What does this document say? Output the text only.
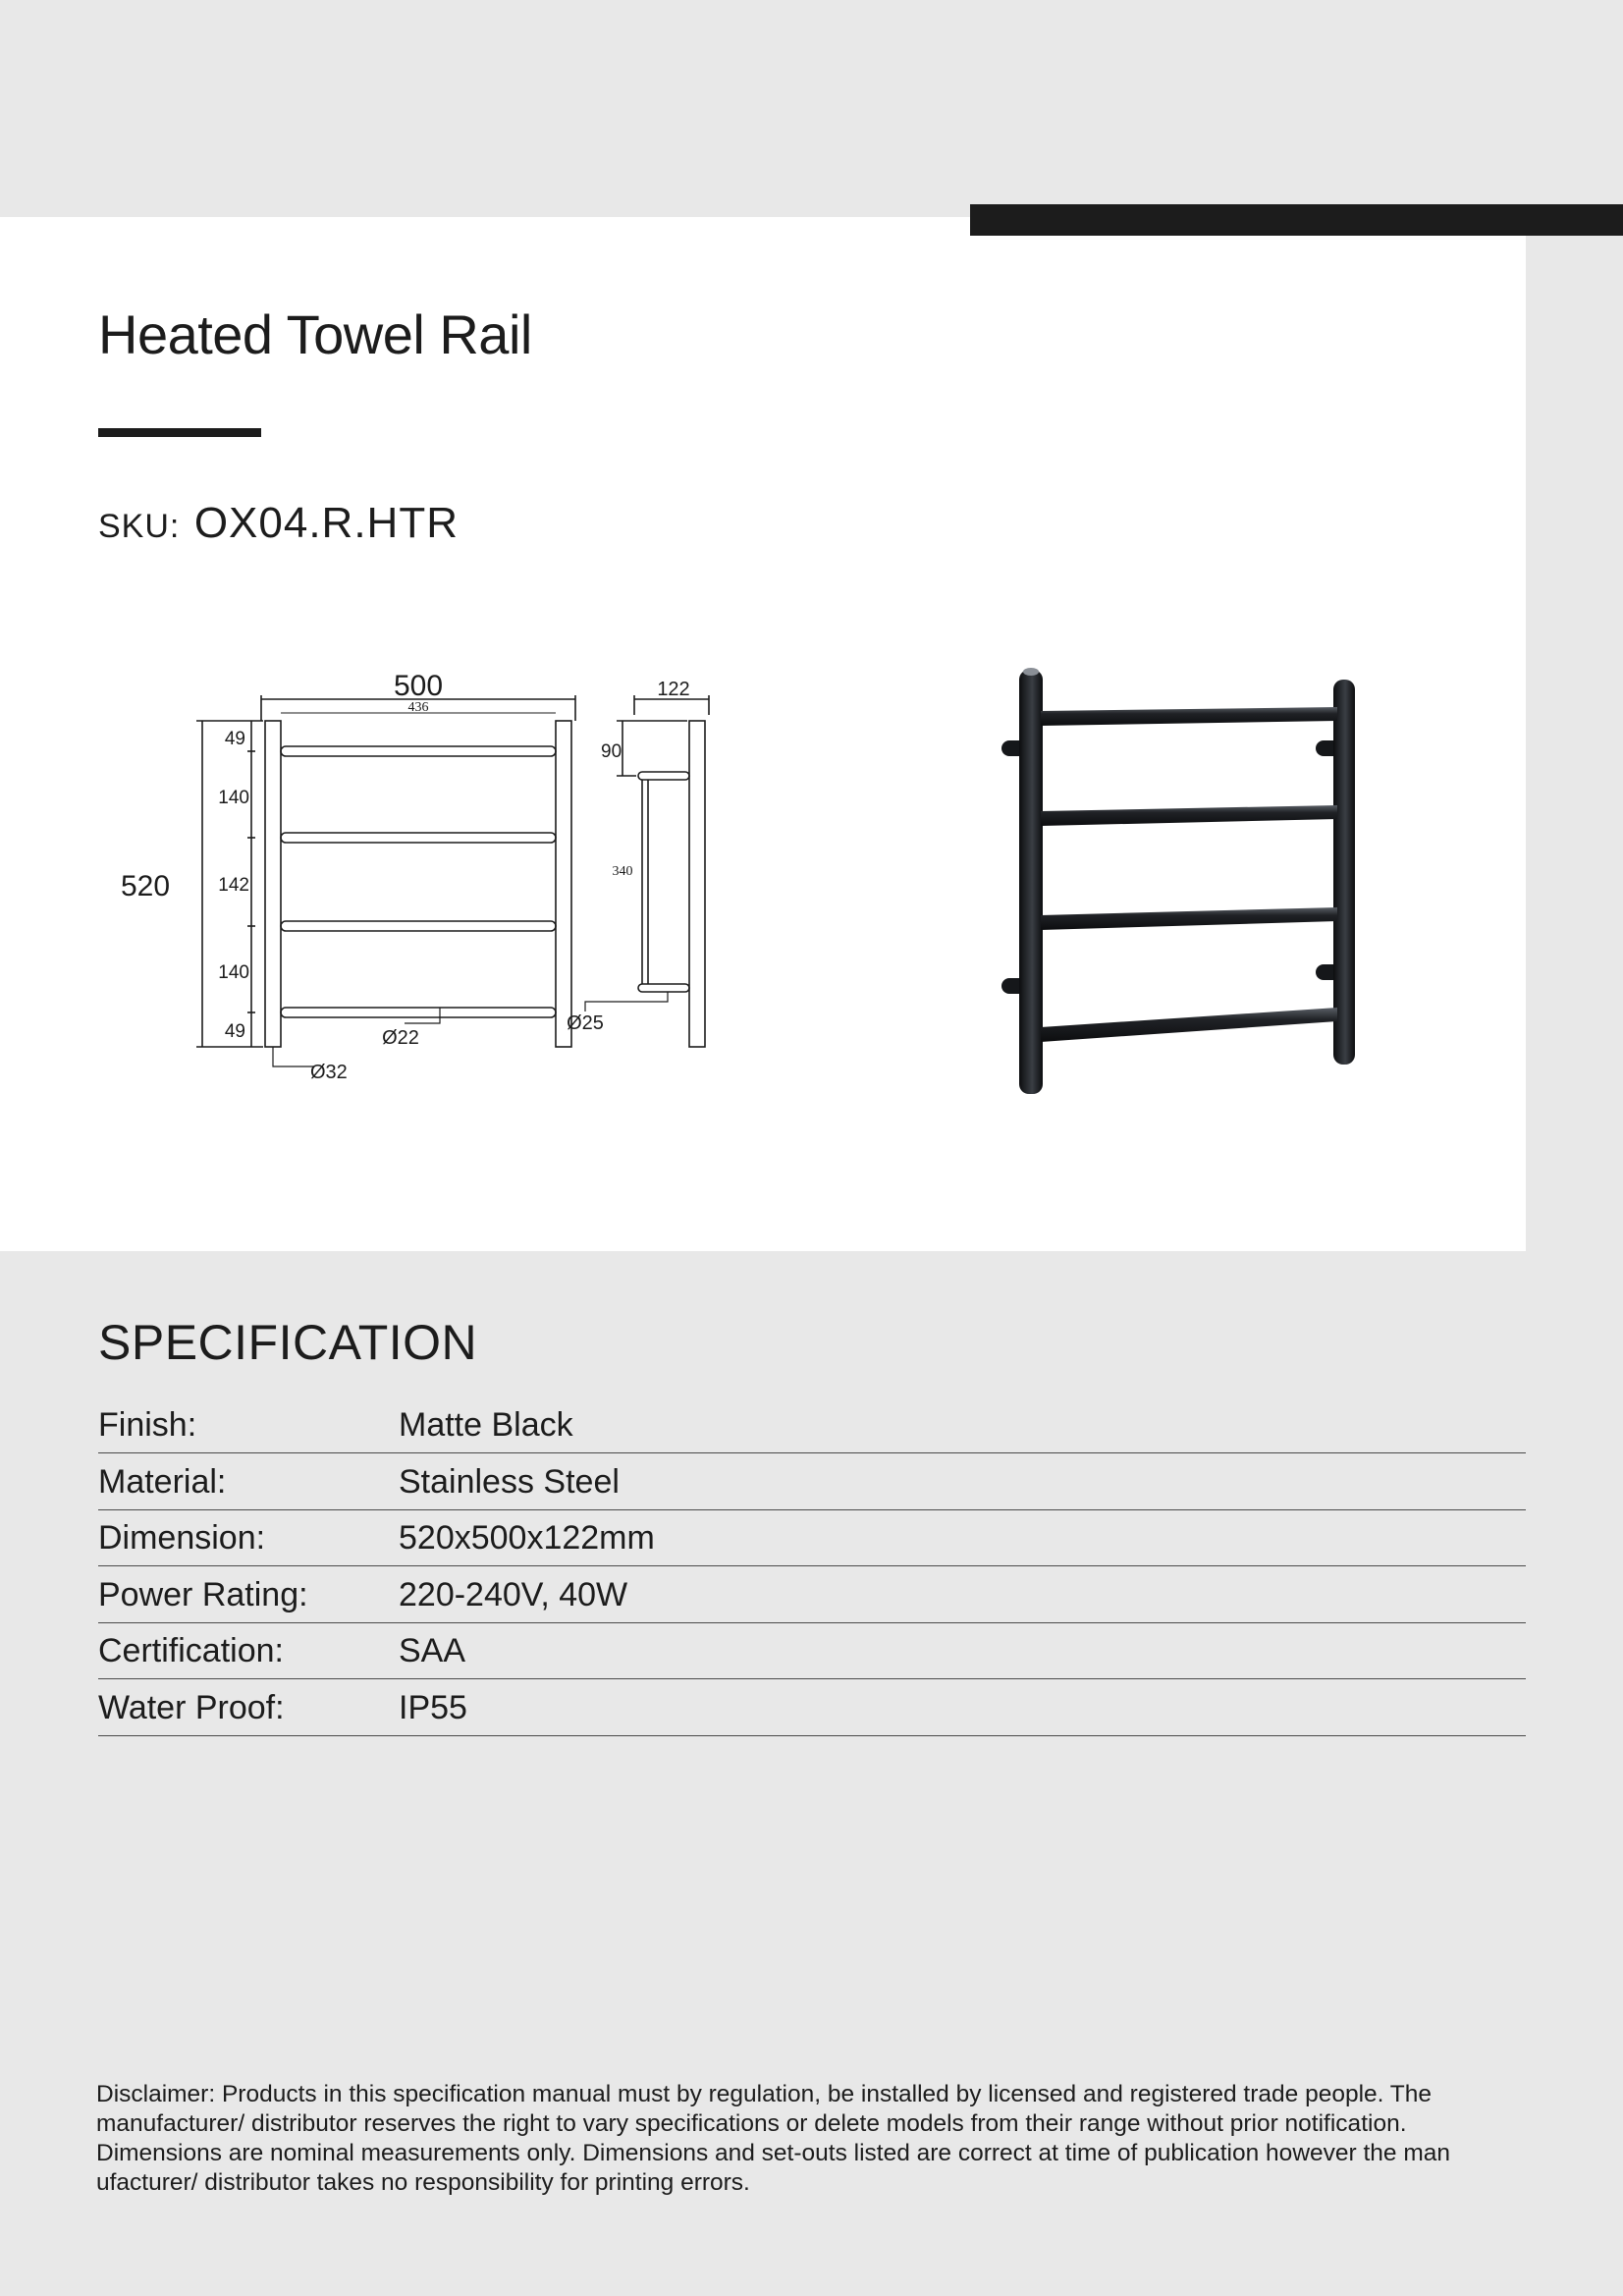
Heated Towel Rail
SKU: OX04.R.HTR
500
436
520
49
140
142
140
49	Ø22
Ø32
122
90
340
Ø25
SPECIFICATION
Finish:	Matte Black
Material:	Stainless Steel
Dimension:	520x500x122mm
Power Rating:	220-240V, 40W
Certification:	SAA
Water Proof:	IP55

Disclaimer: Products in this specification manual must by regulation, be installed by licensed and registered trade people. The manufacturer/ distributor reserves the right to vary specifications or delete models from their range without prior notification. Dimensions are nominal measurements only. Dimensions and set-outs listed are correct at time of publication however the man ufacturer/ distributor takes no responsibility for printing errors.
